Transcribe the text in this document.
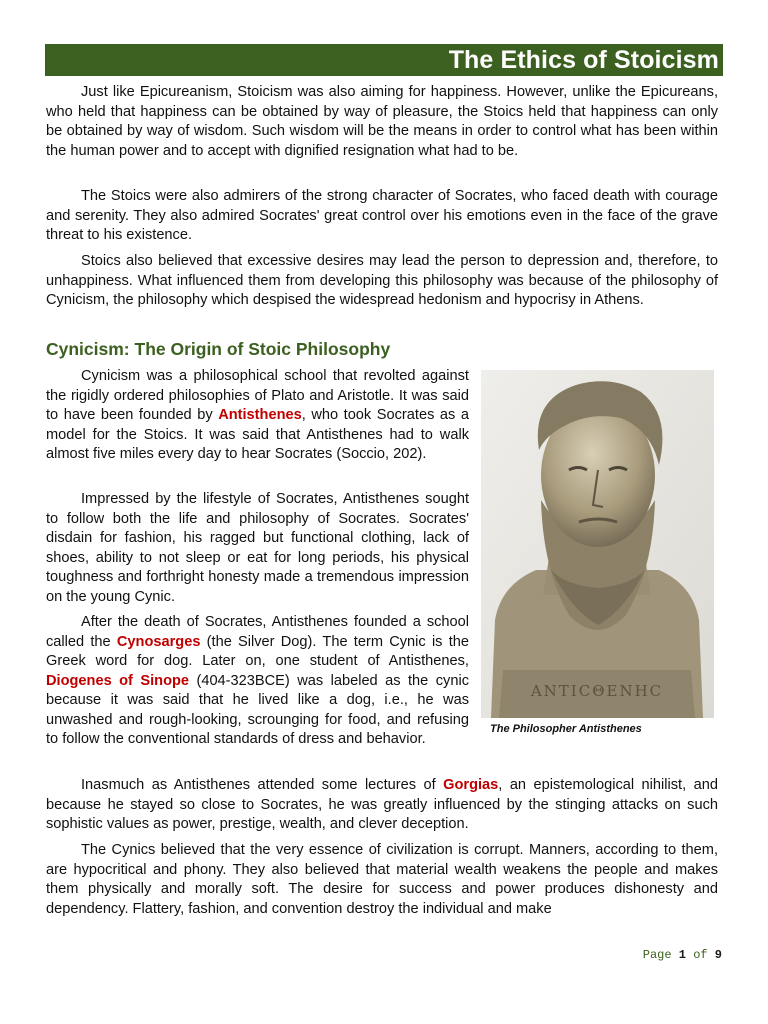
The Ethics of Stoicism

Just like Epicureanism, Stoicism was also aiming for happiness. However, unlike the Epicureans, who held that happiness can be obtained by way of pleasure, the Stoics held that happiness can only be obtained by way of wisdom. Such wisdom will be the means in order to control what has been within the human power and to accept with dignified resignation what had to be.

The Stoics were also admirers of the strong character of Socrates, who faced death with courage and serenity. They also admired Socrates' great control over his emotions even in the face of the grave threat to his existence.

Stoics also believed that excessive desires may lead the person to depression and, therefore, to unhappiness. What influenced them from developing this philosophy was because of the philosophy of Cynicism, the philosophy which despised the widespread hedonism and hypocrisy in Athens.

Cynicism: The Origin of Stoic Philosophy

Cynicism was a philosophical school that revolted against the rigidly ordered philosophies of Plato and Aristotle. It was said to have been founded by Antisthenes, who took Socrates as a model for the Stoics. It was said that Antisthenes had to walk almost five miles every day to hear Socrates (Soccio, 202).

Impressed by the lifestyle of Socrates, Antisthenes sought to follow both the life and philosophy of Socrates. Socrates' disdain for fashion, his ragged but functional clothing, lack of shoes, ability to not sleep or eat for long periods, his physical toughness and forthright honesty made a tremendous impression on the young Cynic.

After the death of Socrates, Antisthenes founded a school called the Cynosarges (the Silver Dog). The term Cynic is the Greek word for dog. Later on, one student of Antisthenes, Diogenes of Sinope (404-323BCE) was labeled as the cynic because it was said that he lived like a dog, i.e., he was unwashed and rough-looking, scrounging for food, and refusing to follow the conventional standards of dress and behavior.

ΑΝΤΙϹΘΕΝΗϹ

The Philosopher Antisthenes

Inasmuch as Antisthenes attended some lectures of Gorgias, an epistemological nihilist, and because he stayed so close to Socrates, he was greatly influenced by the stinging attacks on such sophistic values as power, prestige, wealth, and clever deception.

The Cynics believed that the very essence of civilization is corrupt. Manners, according to them, are hypocritical and phony. They also believed that material wealth weakens the people and makes them physically and morally soft. The desire for success and power produces dishonesty and dependency. Flattery, fashion, and convention destroy the individual and make

Page 1 of 9
